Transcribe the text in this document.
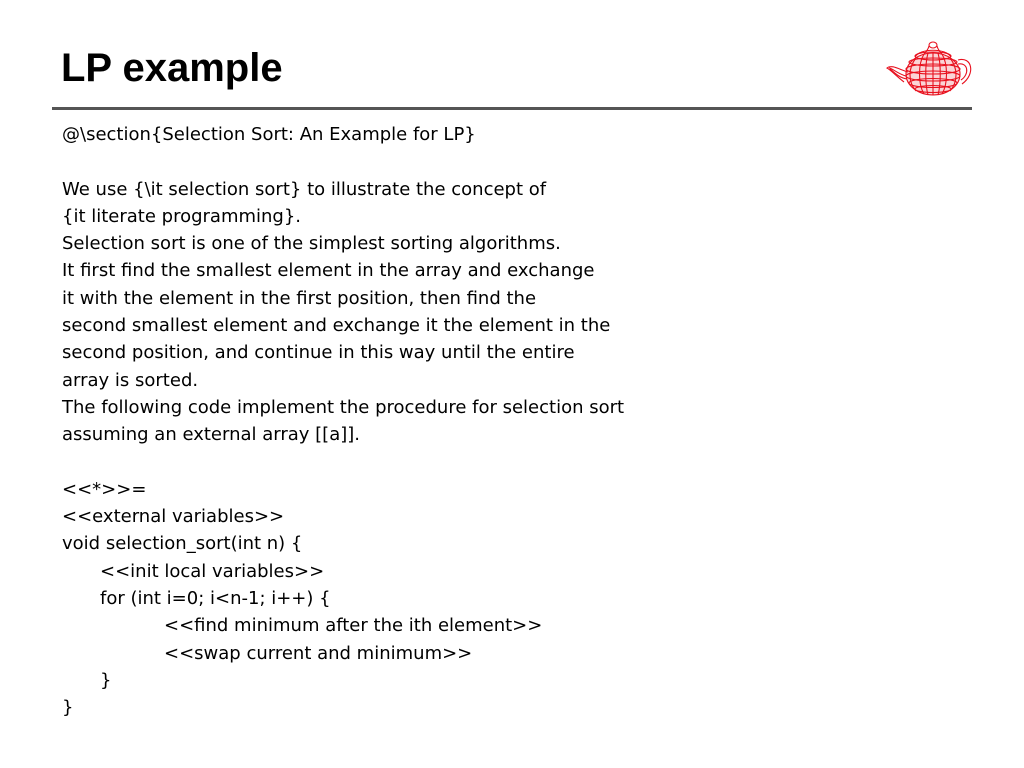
LP example
@\section{Selection Sort: An Example for LP}
We use {\it selection sort} to illustrate the concept of
{it literate programming}.
Selection sort is one of the simplest sorting algorithms.
It first find the smallest element in the array and exchange
it with the element in the first position, then find the
second smallest element and exchange it the element in the
second position, and continue in this way until the entire
array is sorted.
The following code implement the procedure for selection sort
assuming an external array [[a]].
<<*>>=
<<external variables>>
void selection_sort(int n) {
<<init local variables>>
for (int i=0; i<n-1; i++) {
<<find minimum after the ith element>>
<<swap current and minimum>>
}
}
